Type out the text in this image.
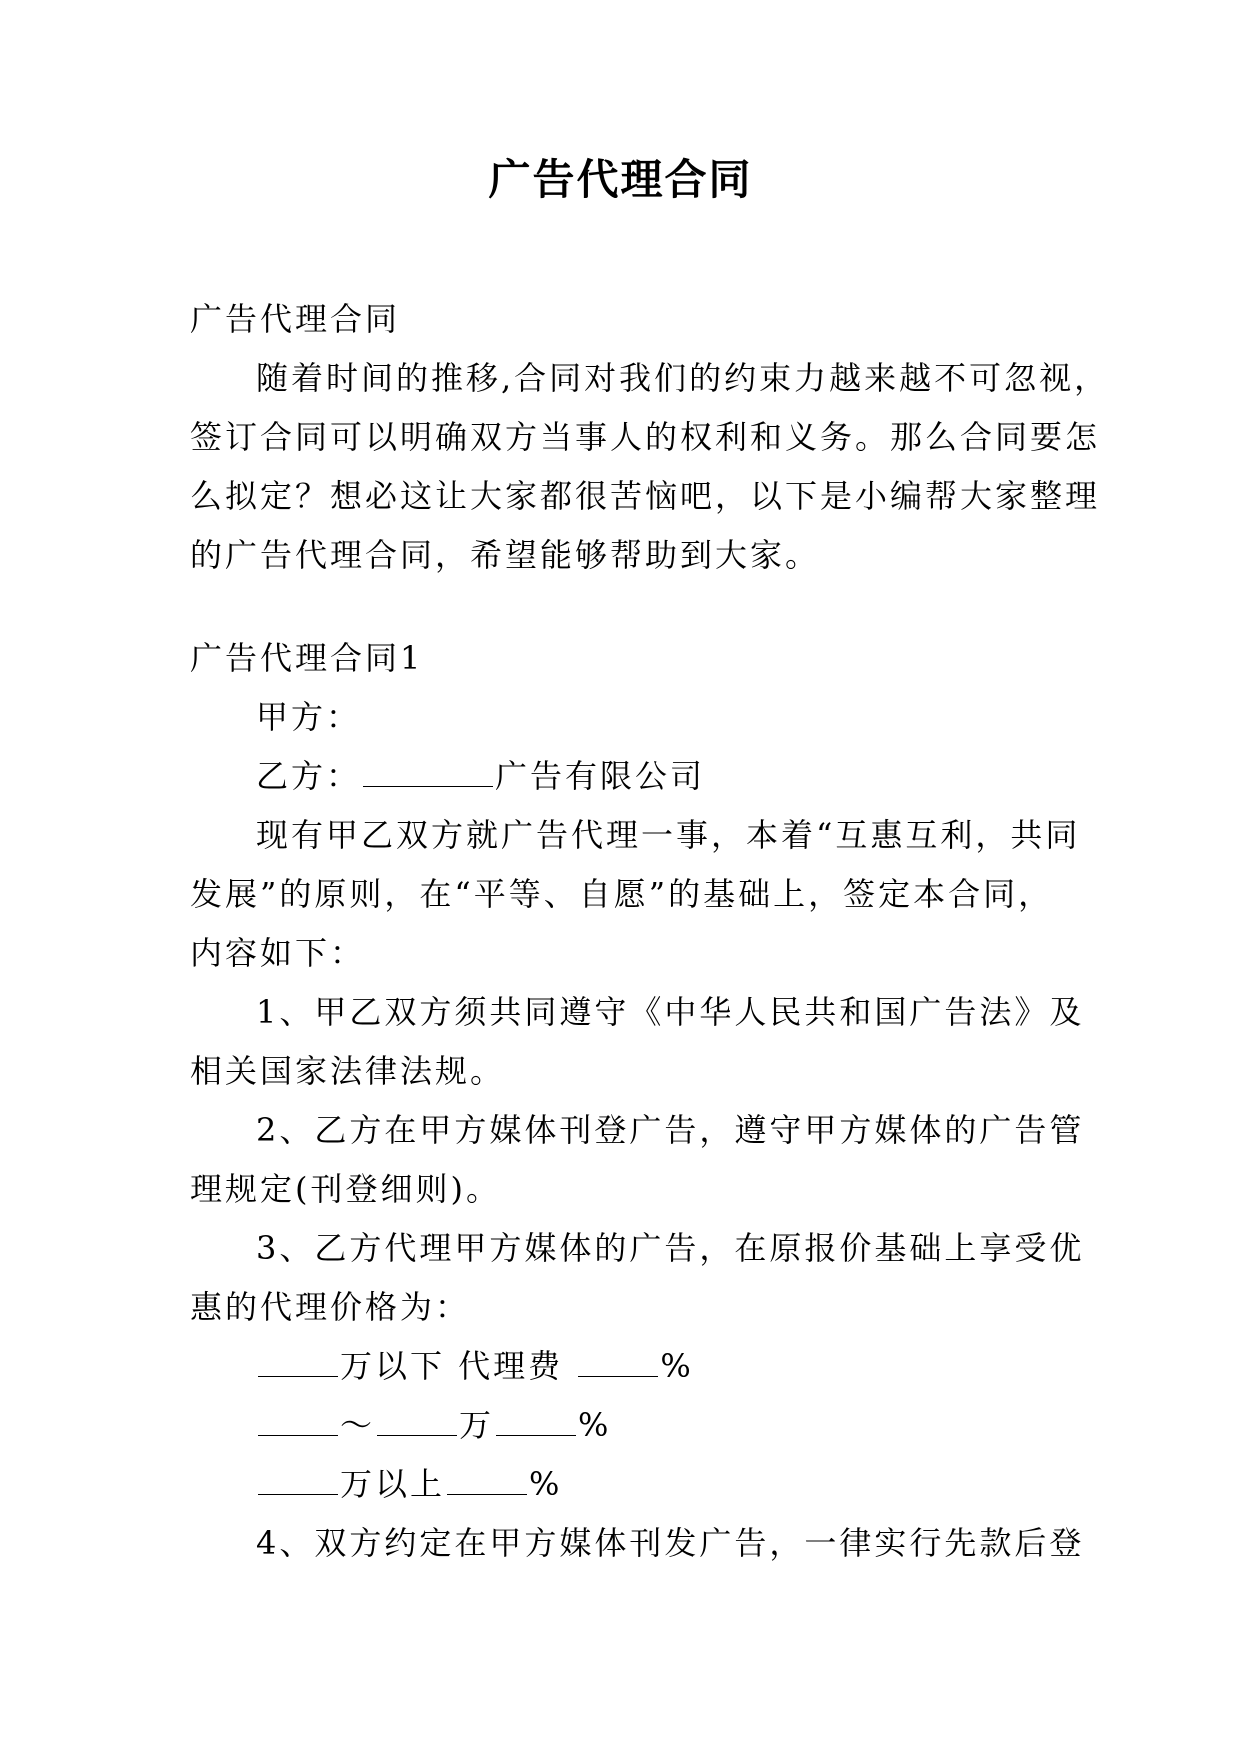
广告代理合同
广告代理合同
随着时间的推移,合同对我们的约束力越来越不可忽视，
签订合同可以明确双方当事人的权利和义务。那么合同要怎
么拟定？想必这让大家都很苦恼吧，以下是小编帮大家整理
的广告代理合同，希望能够帮助到大家。
广告代理合同1
甲方：
乙方：	广告有限公司
现有甲乙双方就广告代理一事，本着“互惠互利，共同
发展”的原则，在“平等、自愿”的基础上，签定本合同，
内容如下：
1、甲乙双方须共同遵守《中华人民共和国广告法》及
相关国家法律法规。
2、乙方在甲方媒体刊登广告，遵守甲方媒体的广告管
理规定(刊登细则)。
3、乙方代理甲方媒体的广告，在原报价基础上享受优
惠的代理价格为：
万以下 代理费	%
～	万	%
万以上	%
4、双方约定在甲方媒体刊发广告，一律实行先款后登
